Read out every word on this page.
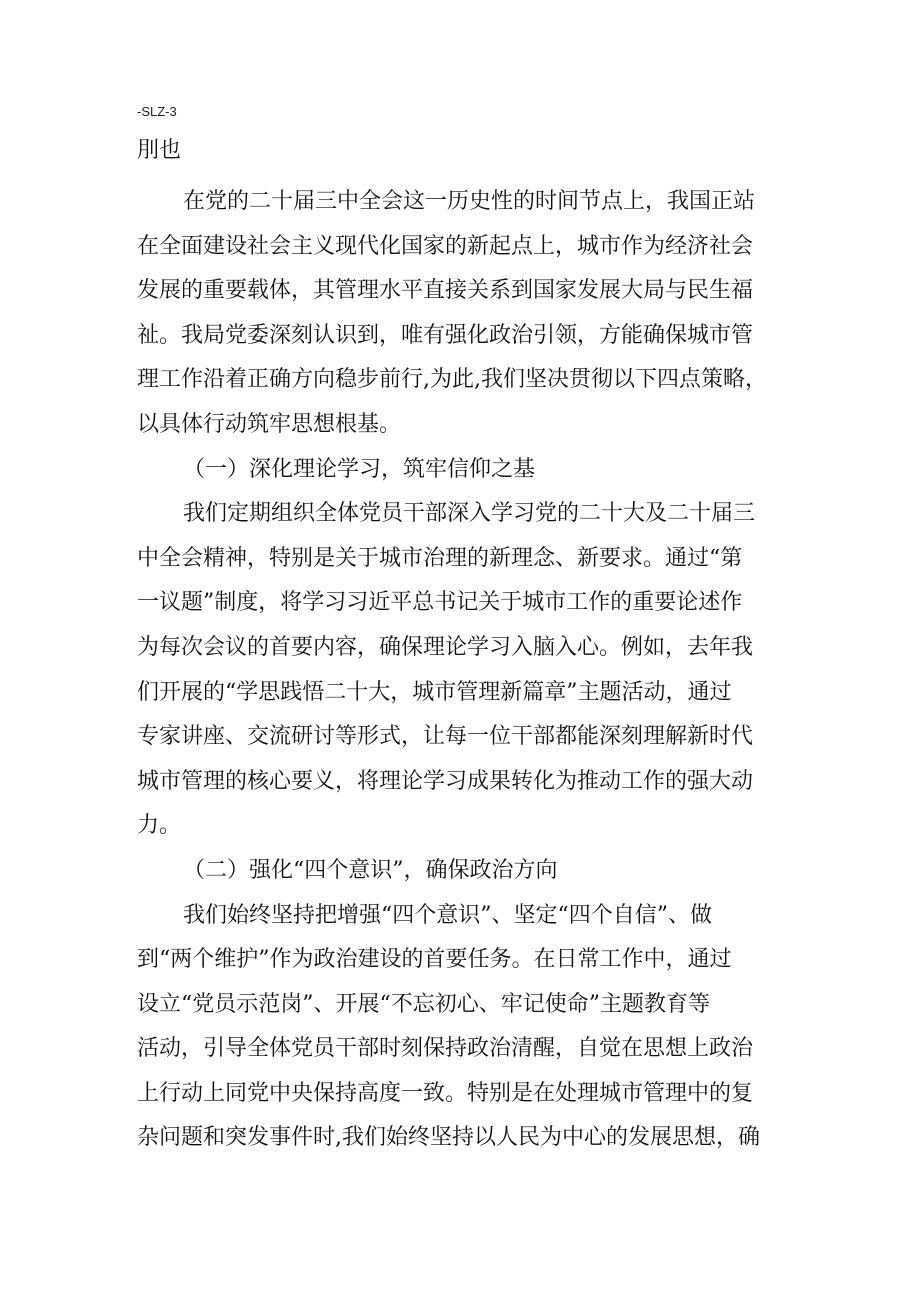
-SLZ-3
刖也
在党的二十届三中全会这一历史性的时间节点上，我国正站
在全面建设社会主义现代化国家的新起点上，城市作为经济社会
发展的重要载体，其管理水平直接关系到国家发展大局与民生福
祉。我局党委深刻认识到，唯有强化政治引领，方能确保城市管
理工作沿着正确方向稳步前行,为此,我们坚决贯彻以下四点策略，
以具体行动筑牢思想根基。
（一）深化理论学习，筑牢信仰之基
我们定期组织全体党员干部深入学习党的二十大及二十届三
中全会精神，特别是关于城市治理的新理念、新要求。通过“第
一议题”制度，将学习习近平总书记关于城市工作的重要论述作
为每次会议的首要内容，确保理论学习入脑入心。例如，去年我
们开展的“学思践悟二十大，城市管理新篇章”主题活动，通过
专家讲座、交流研讨等形式，让每一位干部都能深刻理解新时代
城市管理的核心要义，将理论学习成果转化为推动工作的强大动
力。
（二）强化“四个意识”，确保政治方向
我们始终坚持把增强“四个意识”、坚定“四个自信”、做
到“两个维护”作为政治建设的首要任务。在日常工作中，通过
设立“党员示范岗”、开展“不忘初心、牢记使命”主题教育等
活动，引导全体党员干部时刻保持政治清醒，自觉在思想上政治
上行动上同党中央保持高度一致。特别是在处理城市管理中的复
杂问题和突发事件时,我们始终坚持以人民为中心的发展思想，确
